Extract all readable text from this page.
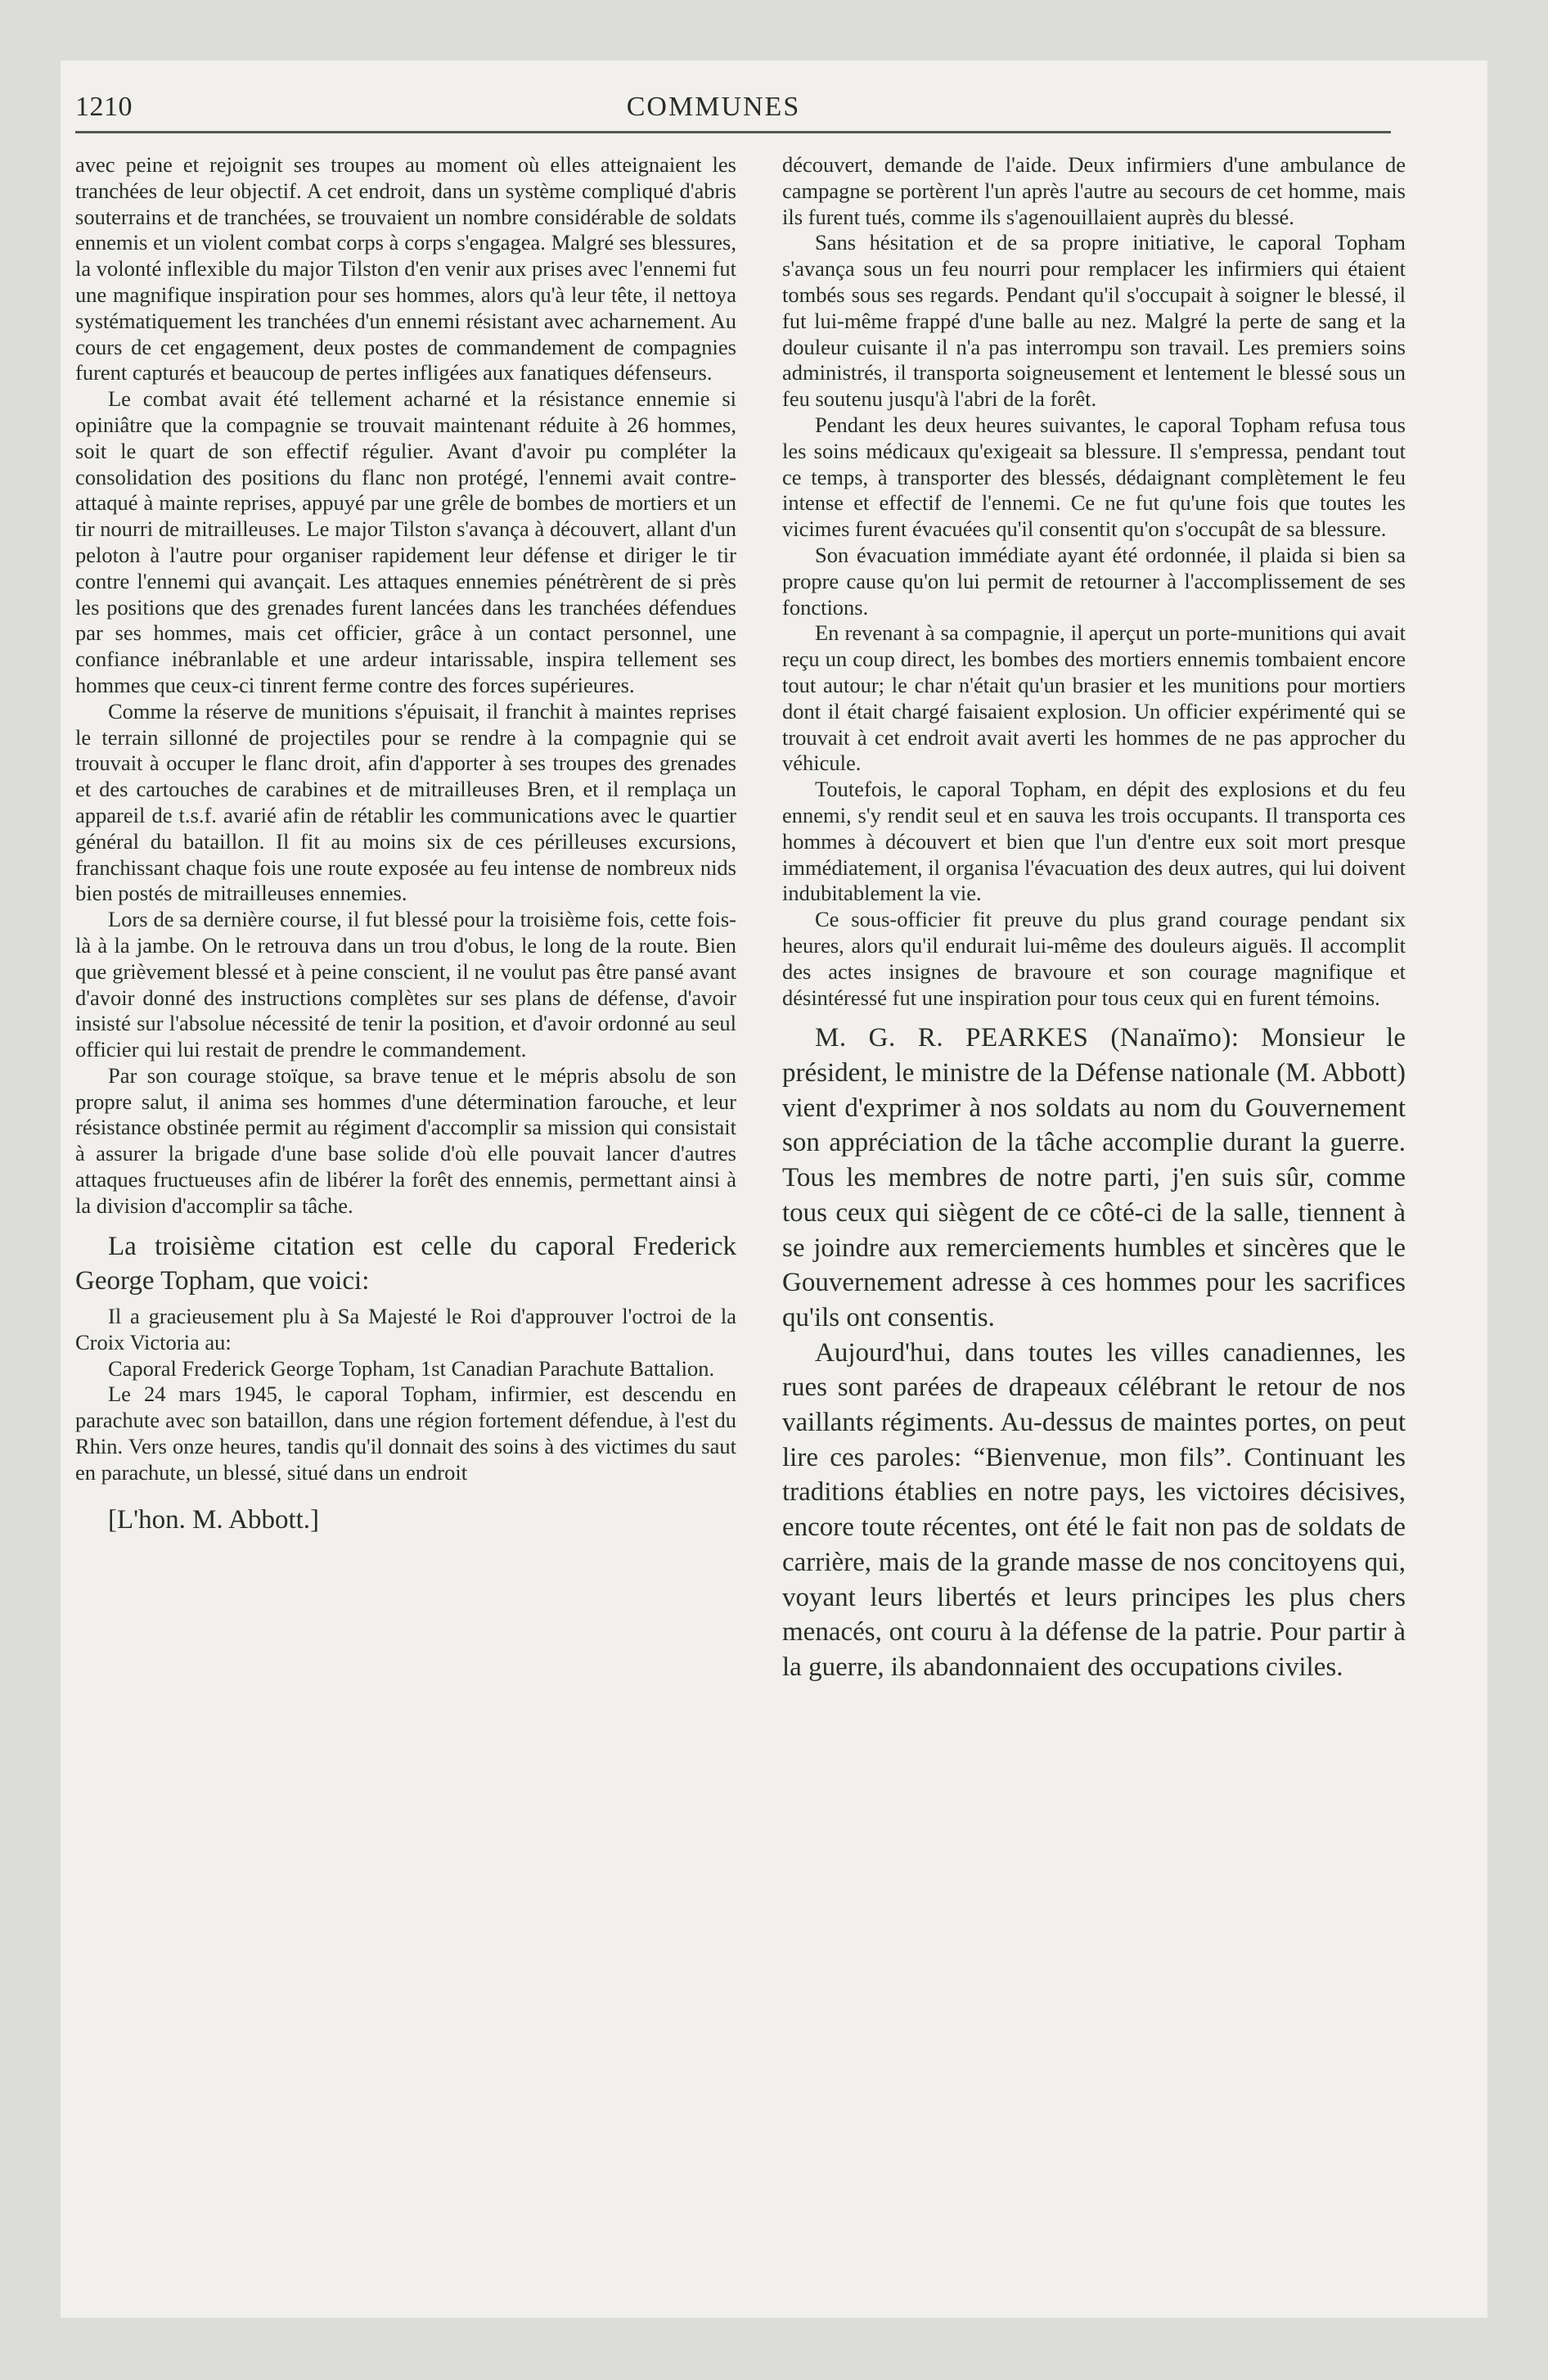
1210	COMMUNES

avec peine et rejoignit ses troupes au moment où elles atteignaient les tranchées de leur objectif. A cet endroit, dans un système compliqué d'abris souterrains et de tranchées, se trouvaient un nombre considérable de soldats ennemis et un violent combat corps à corps s'engagea. Malgré ses blessures, la volonté inflexible du major Tilston d'en venir aux prises avec l'ennemi fut une magnifique inspiration pour ses hommes, alors qu'à leur tête, il nettoya systématiquement les tranchées d'un ennemi résistant avec acharnement. Au cours de cet engagement, deux postes de commandement de compagnies furent capturés et beaucoup de pertes infligées aux fanatiques défenseurs.

Le combat avait été tellement acharné et la résistance ennemie si opiniâtre que la compagnie se trouvait maintenant réduite à 26 hommes, soit le quart de son effectif régulier. Avant d'avoir pu compléter la consolidation des positions du flanc non protégé, l'ennemi avait contre-attaqué à mainte reprises, appuyé par une grêle de bombes de mortiers et un tir nourri de mitrailleuses. Le major Tilston s'avança à découvert, allant d'un peloton à l'autre pour organiser rapidement leur défense et diriger le tir contre l'ennemi qui avançait. Les attaques ennemies pénétrèrent de si près les positions que des grenades furent lancées dans les tranchées défendues par ses hommes, mais cet officier, grâce à un contact personnel, une confiance inébranlable et une ardeur intarissable, inspira tellement ses hommes que ceux-ci tinrent ferme contre des forces supérieures.

Comme la réserve de munitions s'épuisait, il franchit à maintes reprises le terrain sillonné de projectiles pour se rendre à la compagnie qui se trouvait à occuper le flanc droit, afin d'apporter à ses troupes des grenades et des cartouches de carabines et de mitrailleuses Bren, et il remplaça un appareil de t.s.f. avarié afin de rétablir les communications avec le quartier général du bataillon. Il fit au moins six de ces périlleuses excursions, franchissant chaque fois une route exposée au feu intense de nombreux nids bien postés de mitrailleuses ennemies.

Lors de sa dernière course, il fut blessé pour la troisième fois, cette fois-là à la jambe. On le retrouva dans un trou d'obus, le long de la route. Bien que grièvement blessé et à peine conscient, il ne voulut pas être pansé avant d'avoir donné des instructions complètes sur ses plans de défense, d'avoir insisté sur l'absolue nécessité de tenir la position, et d'avoir ordonné au seul officier qui lui restait de prendre le commandement.

Par son courage stoïque, sa brave tenue et le mépris absolu de son propre salut, il anima ses hommes d'une détermination farouche, et leur résistance obstinée permit au régiment d'accomplir sa mission qui consistait à assurer la brigade d'une base solide d'où elle pouvait lancer d'autres attaques fructueuses afin de libérer la forêt des ennemis, permettant ainsi à la division d'accomplir sa tâche.

La troisième citation est celle du caporal Frederick George Topham, que voici:

Il a gracieusement plu à Sa Majesté le Roi d'approuver l'octroi de la Croix Victoria au:

Caporal Frederick George Topham, 1st Canadian Parachute Battalion.

Le 24 mars 1945, le caporal Topham, infirmier, est descendu en parachute avec son bataillon, dans une région fortement défendue, à l'est du Rhin. Vers onze heures, tandis qu'il donnait des soins à des victimes du saut en parachute, un blessé, situé dans un endroit

[L'hon. M. Abbott.]

découvert, demande de l'aide. Deux infirmiers d'une ambulance de campagne se portèrent l'un après l'autre au secours de cet homme, mais ils furent tués, comme ils s'agenouillaient auprès du blessé.

Sans hésitation et de sa propre initiative, le caporal Topham s'avança sous un feu nourri pour remplacer les infirmiers qui étaient tombés sous ses regards. Pendant qu'il s'occupait à soigner le blessé, il fut lui-même frappé d'une balle au nez. Malgré la perte de sang et la douleur cuisante il n'a pas interrompu son travail. Les premiers soins administrés, il transporta soigneusement et lentement le blessé sous un feu soutenu jusqu'à l'abri de la forêt.

Pendant les deux heures suivantes, le caporal Topham refusa tous les soins médicaux qu'exigeait sa blessure. Il s'empressa, pendant tout ce temps, à transporter des blessés, dédaignant complètement le feu intense et effectif de l'ennemi. Ce ne fut qu'une fois que toutes les vicimes furent évacuées qu'il consentit qu'on s'occupât de sa blessure.

Son évacuation immédiate ayant été ordonnée, il plaida si bien sa propre cause qu'on lui permit de retourner à l'accomplissement de ses fonctions.

En revenant à sa compagnie, il aperçut un porte-munitions qui avait reçu un coup direct, les bombes des mortiers ennemis tombaient encore tout autour; le char n'était qu'un brasier et les munitions pour mortiers dont il était chargé faisaient explosion. Un officier expérimenté qui se trouvait à cet endroit avait averti les hommes de ne pas approcher du véhicule.

Toutefois, le caporal Topham, en dépit des explosions et du feu ennemi, s'y rendit seul et en sauva les trois occupants. Il transporta ces hommes à découvert et bien que l'un d'entre eux soit mort presque immédiatement, il organisa l'évacuation des deux autres, qui lui doivent indubitablement la vie.

Ce sous-officier fit preuve du plus grand courage pendant six heures, alors qu'il endurait lui-même des douleurs aiguës. Il accomplit des actes insignes de bravoure et son courage magnifique et désintéressé fut une inspiration pour tous ceux qui en furent témoins.

M. G. R. PEARKES (Nanaïmo): Monsieur le président, le ministre de la Défense nationale (M. Abbott) vient d'exprimer à nos soldats au nom du Gouvernement son appréciation de la tâche accomplie durant la guerre. Tous les membres de notre parti, j'en suis sûr, comme tous ceux qui siègent de ce côté-ci de la salle, tiennent à se joindre aux remerciements humbles et sincères que le Gouvernement adresse à ces hommes pour les sacrifices qu'ils ont consentis.

Aujourd'hui, dans toutes les villes canadiennes, les rues sont parées de drapeaux célébrant le retour de nos vaillants régiments. Au-dessus de maintes portes, on peut lire ces paroles: “Bienvenue, mon fils”. Continuant les traditions établies en notre pays, les victoires décisives, encore toute récentes, ont été le fait non pas de soldats de carrière, mais de la grande masse de nos concitoyens qui, voyant leurs libertés et leurs principes les plus chers menacés, ont couru à la défense de la patrie. Pour partir à la guerre, ils abandonnaient des occupations civiles.
